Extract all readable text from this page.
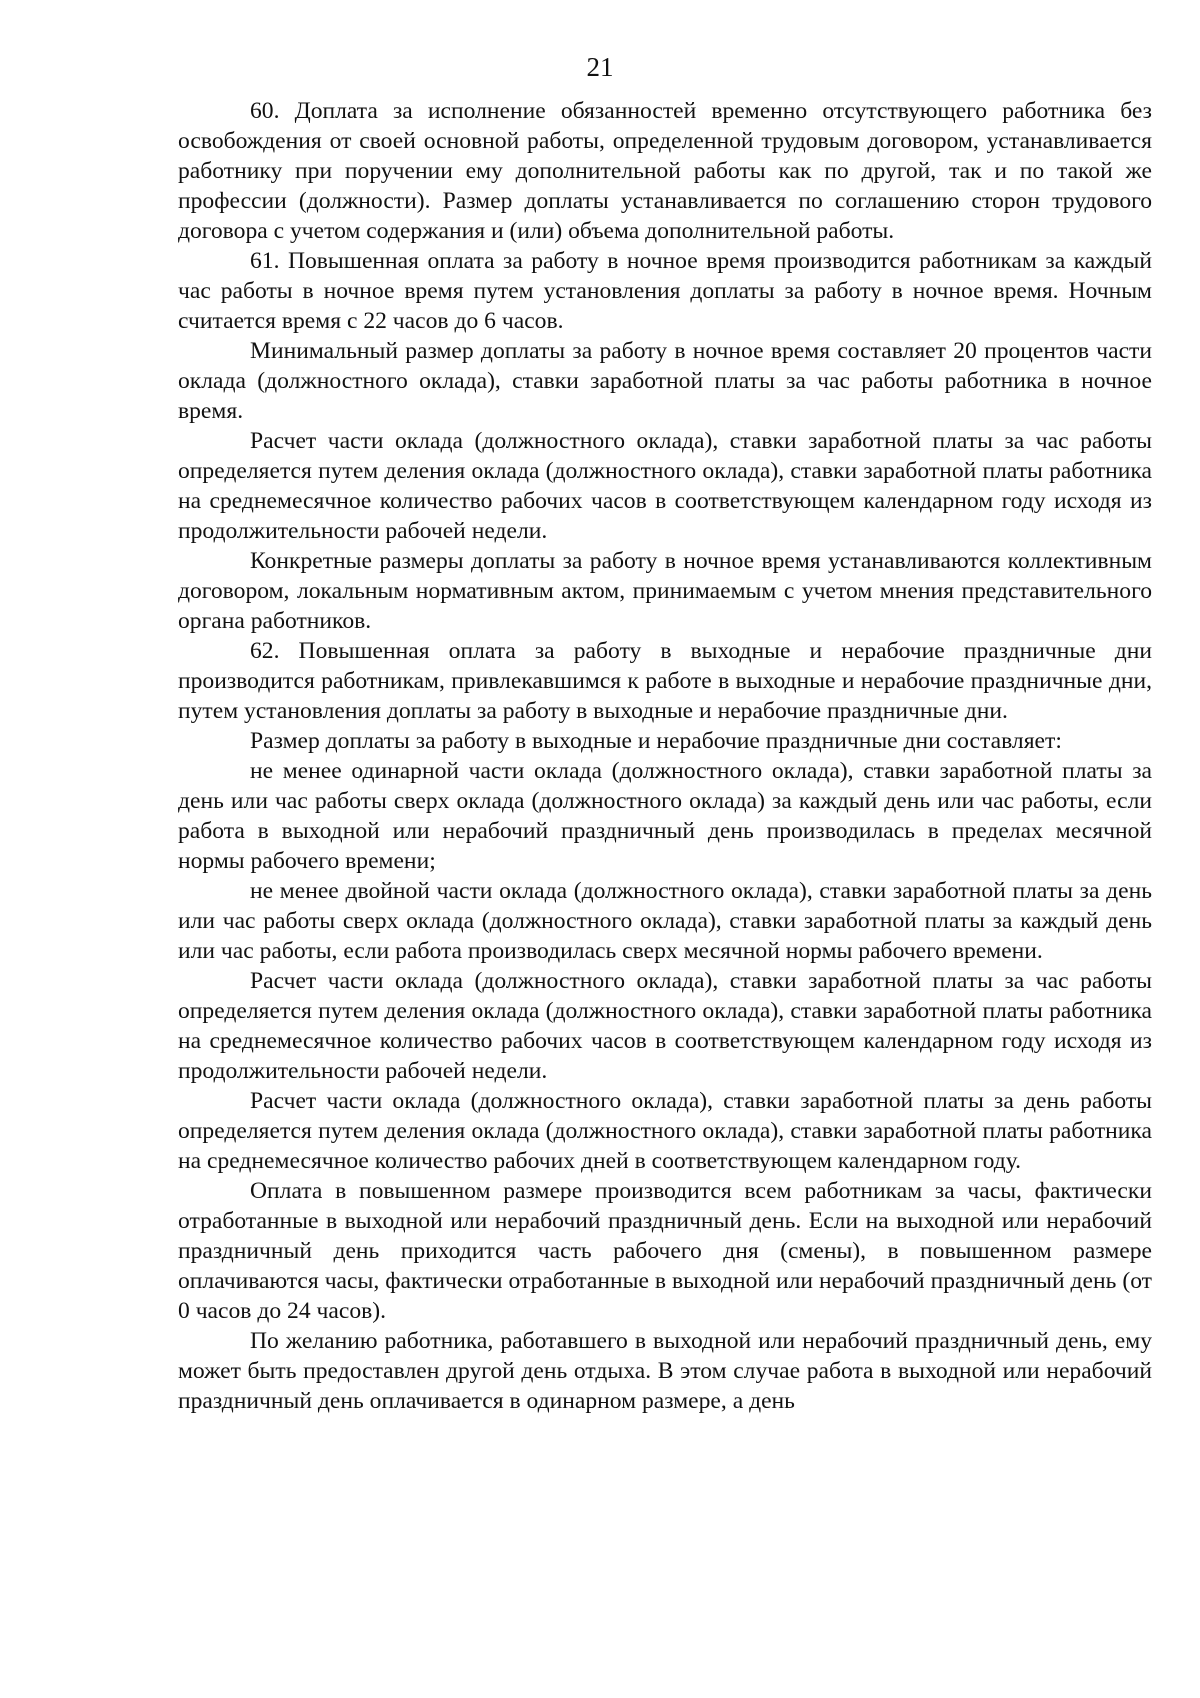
21

60. Доплата за исполнение обязанностей временно отсутствующего работника без освобождения от своей основной работы, определенной трудовым договором, устанавливается работнику при поручении ему дополнительной работы как по другой, так и по такой же профессии (должности). Размер доплаты устанавливается по соглашению сторон трудового договора с учетом содержания и (или) объема дополнительной работы.

61. Повышенная оплата за работу в ночное время производится работникам за каждый час работы в ночное время путем установления доплаты за работу в ночное время. Ночным считается время с 22 часов до 6 часов.

Минимальный размер доплаты за работу в ночное время составляет 20 процентов части оклада (должностного оклада), ставки заработной платы за час работы работника в ночное время.

Расчет части оклада (должностного оклада), ставки заработной платы за час работы определяется путем деления оклада (должностного оклада), ставки заработной платы работника на среднемесячное количество рабочих часов в соответствующем календарном году исходя из продолжительности рабочей недели.

Конкретные размеры доплаты за работу в ночное время устанавливаются коллективным договором, локальным нормативным актом, принимаемым с учетом мнения представительного органа работников.

62. Повышенная оплата за работу в выходные и нерабочие праздничные дни производится работникам, привлекавшимся к работе в выходные и нерабочие праздничные дни, путем установления доплаты за работу в выходные и нерабочие праздничные дни.

Размер доплаты за работу в выходные и нерабочие праздничные дни составляет:

не менее одинарной части оклада (должностного оклада), ставки заработной платы за день или час работы сверх оклада (должностного оклада) за каждый день или час работы, если работа в выходной или нерабочий праздничный день производилась в пределах месячной нормы рабочего времени;

не менее двойной части оклада (должностного оклада), ставки заработной платы за день или час работы сверх оклада (должностного оклада), ставки заработной платы за каждый день или час работы, если работа производилась сверх месячной нормы рабочего времени.

Расчет части оклада (должностного оклада), ставки заработной платы за час работы определяется путем деления оклада (должностного оклада), ставки заработной платы работника на среднемесячное количество рабочих часов в соответствующем календарном году исходя из продолжительности рабочей недели.

Расчет части оклада (должностного оклада), ставки заработной платы за день работы определяется путем деления оклада (должностного оклада), ставки заработной платы работника на среднемесячное количество рабочих дней в соответствующем календарном году.

Оплата в повышенном размере производится всем работникам за часы, фактически отработанные в выходной или нерабочий праздничный день. Если на выходной или нерабочий праздничный день приходится часть рабочего дня (смены), в повышенном размере оплачиваются часы, фактически отработанные в выходной или нерабочий праздничный день (от 0 часов до 24 часов).

По желанию работника, работавшего в выходной или нерабочий праздничный день, ему может быть предоставлен другой день отдыха. В этом случае работа в выходной или нерабочий праздничный день оплачивается в одинарном размере, а день
